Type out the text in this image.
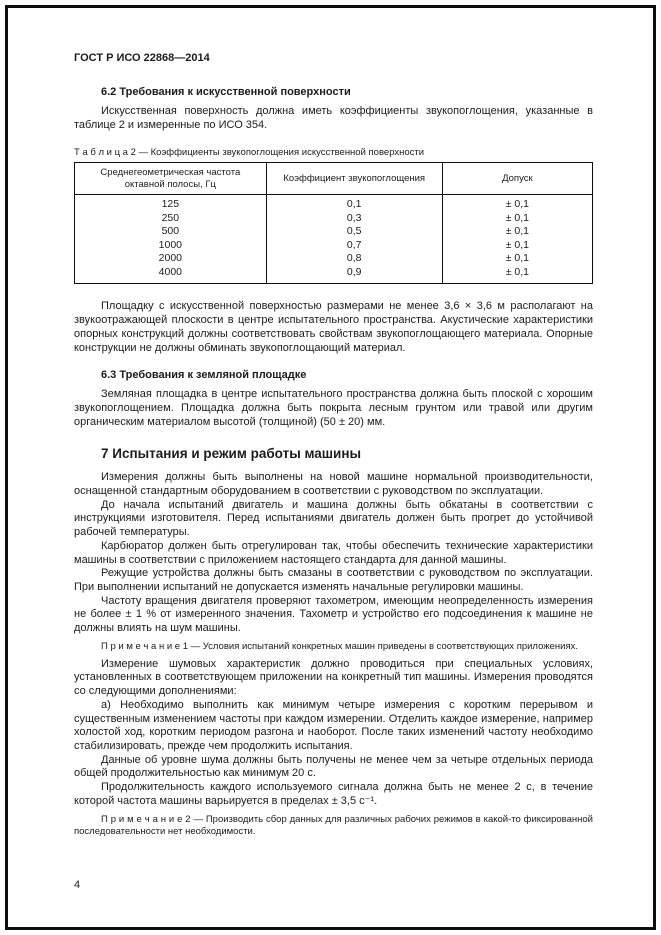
ГОСТ Р ИСО 22868—2014
6.2 Требования к искусственной поверхности

Искусственная поверхность должна иметь коэффициенты звукопоглощения, указанные в таблице 2 и измеренные по ИСО 354.

Т а б л и ц а 2 — Коэффициенты звукопоглощения искусственной поверхности
Среднегеометрическая частота октавной полосы, Гц	Коэффициент звукопоглощения	Допуск
125	0,1	± 0,1
250	0,3	± 0,1
500	0,5	± 0,1
1000	0,7	± 0,1
2000	0,8	± 0,1
4000	0,9	± 0,1

Площадку с искусственной поверхностью размерами не менее 3,6 × 3,6 м располагают на звукоотражающей плоскости в центре испытательного пространства. Акустические характеристики опорных конструкций должны соответствовать свойствам звукопоглощающего материала. Опорные конструкции не должны обминать звукопоглощающий материал.

6.3 Требования к земляной площадке

Земляная площадка в центре испытательного пространства должна быть плоской с хорошим звукопоглощением. Площадка должна быть покрыта лесным грунтом или травой или другим органическим материалом высотой (толщиной) (50 ± 20) мм.

7 Испытания и режим работы машины

Измерения должны быть выполнены на новой машине нормальной производительности, оснащенной стандартным оборудованием в соответствии с руководством по эксплуатации.

До начала испытаний двигатель и машина должны быть обкатаны в соответствии с инструкциями изготовителя. Перед испытаниями двигатель должен быть прогрет до устойчивой рабочей температуры.

Карбюратор должен быть отрегулирован так, чтобы обеспечить технические характеристики машины в соответствии с приложением настоящего стандарта для данной машины.

Режущие устройства должны быть смазаны в соответствии с руководством по эксплуатации. При выполнении испытаний не допускается изменять начальные регулировки машины.

Частоту вращения двигателя проверяют тахометром, имеющим неопределенность измерения не более ± 1 % от измеренного значения. Тахометр и устройство его подсоединения к машине не должны влиять на шум машины.

П р и м е ч а н и е 1 — Условия испытаний конкретных машин приведены в соответствующих приложениях.

Измерение шумовых характеристик должно проводиться при специальных условиях, установленных в соответствующем приложении на конкретный тип машины. Измерения проводятся со следующими дополнениями:

а) Необходимо выполнить как минимум четыре измерения с коротким перерывом и существенным изменением частоты при каждом измерении. Отделить каждое измерение, например холостой ход, коротким периодом разгона и наоборот. После таких изменений частоту необходимо стабилизировать, прежде чем продолжить испытания.

Данные об уровне шума должны быть получены не менее чем за четыре отдельных периода общей продолжительностью как минимум 20 с.

Продолжительность каждого используемого сигнала должна быть не менее 2 с, в течение которой частота машины варьируется в пределах ± 3,5 с⁻¹.

П р и м е ч а н и е 2 — Производить сбор данных для различных рабочих режимов в какой-то фиксированной последовательности нет необходимости.

4
